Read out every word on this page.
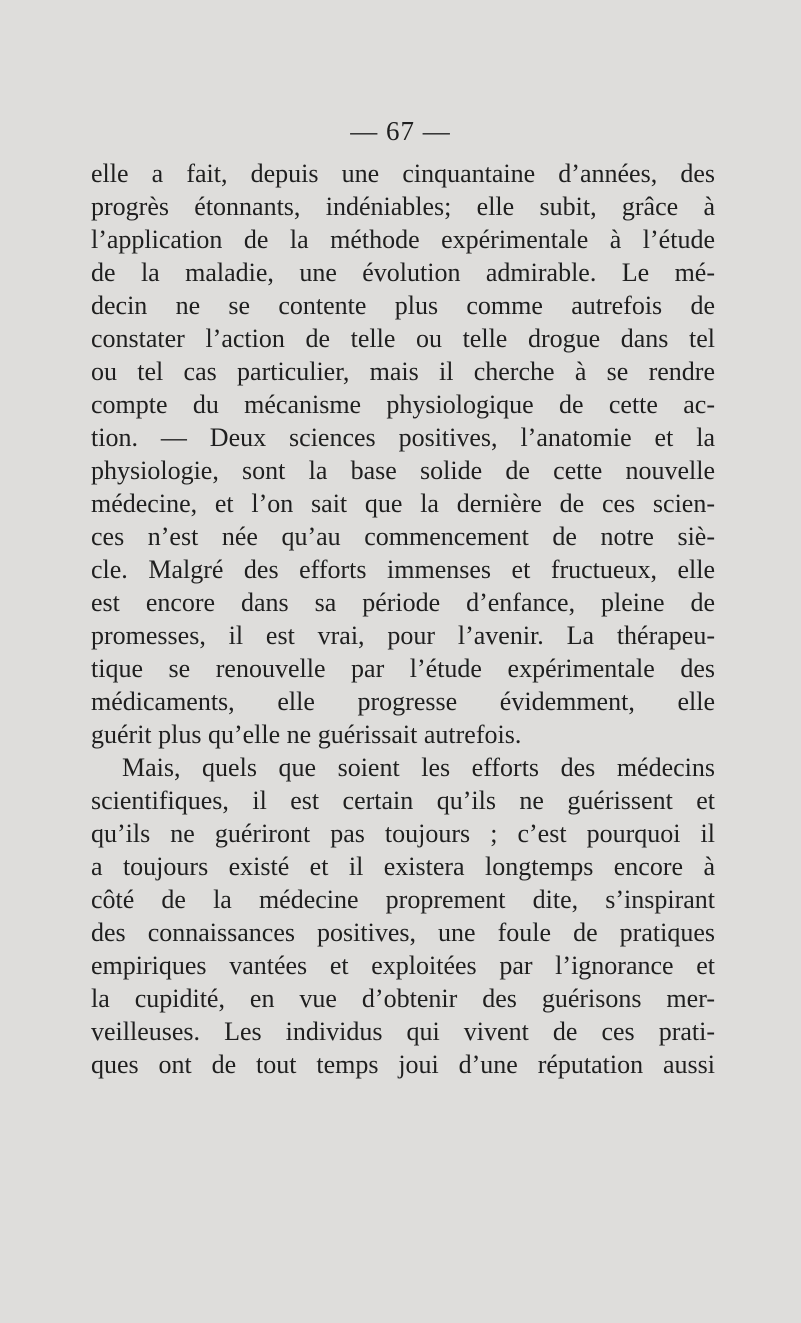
— 67 —
elle a fait, depuis une cinquantaine d’années, des
progrès étonnants, indéniables; elle subit, grâce à
l’application de la méthode expérimentale à l’étude
de la maladie, une évolution admirable. Le mé-
decin ne se contente plus comme autrefois de
constater l’action de telle ou telle drogue dans tel
ou tel cas particulier, mais il cherche à se rendre
compte du mécanisme physiologique de cette ac-
tion. — Deux sciences positives, l’anatomie et la
physiologie, sont la base solide de cette nouvelle
médecine, et l’on sait que la dernière de ces scien-
ces n’est née qu’au commencement de notre siè-
cle. Malgré des efforts immenses et fructueux, elle
est encore dans sa période d’enfance, pleine de
promesses, il est vrai, pour l’avenir. La thérapeu-
tique se renouvelle par l’étude expérimentale des
médicaments, elle progresse évidemment, elle
guérit plus qu’elle ne guérissait autrefois.
Mais, quels que soient les efforts des médecins
scientifiques, il est certain qu’ils ne guérissent et
qu’ils ne guériront pas toujours ; c’est pourquoi il
a toujours existé et il existera longtemps encore à
côté de la médecine proprement dite, s’inspirant
des connaissances positives, une foule de pratiques
empiriques vantées et exploitées par l’ignorance et
la cupidité, en vue d’obtenir des guérisons mer-
veilleuses. Les individus qui vivent de ces prati-
ques ont de tout temps joui d’une réputation aussi
